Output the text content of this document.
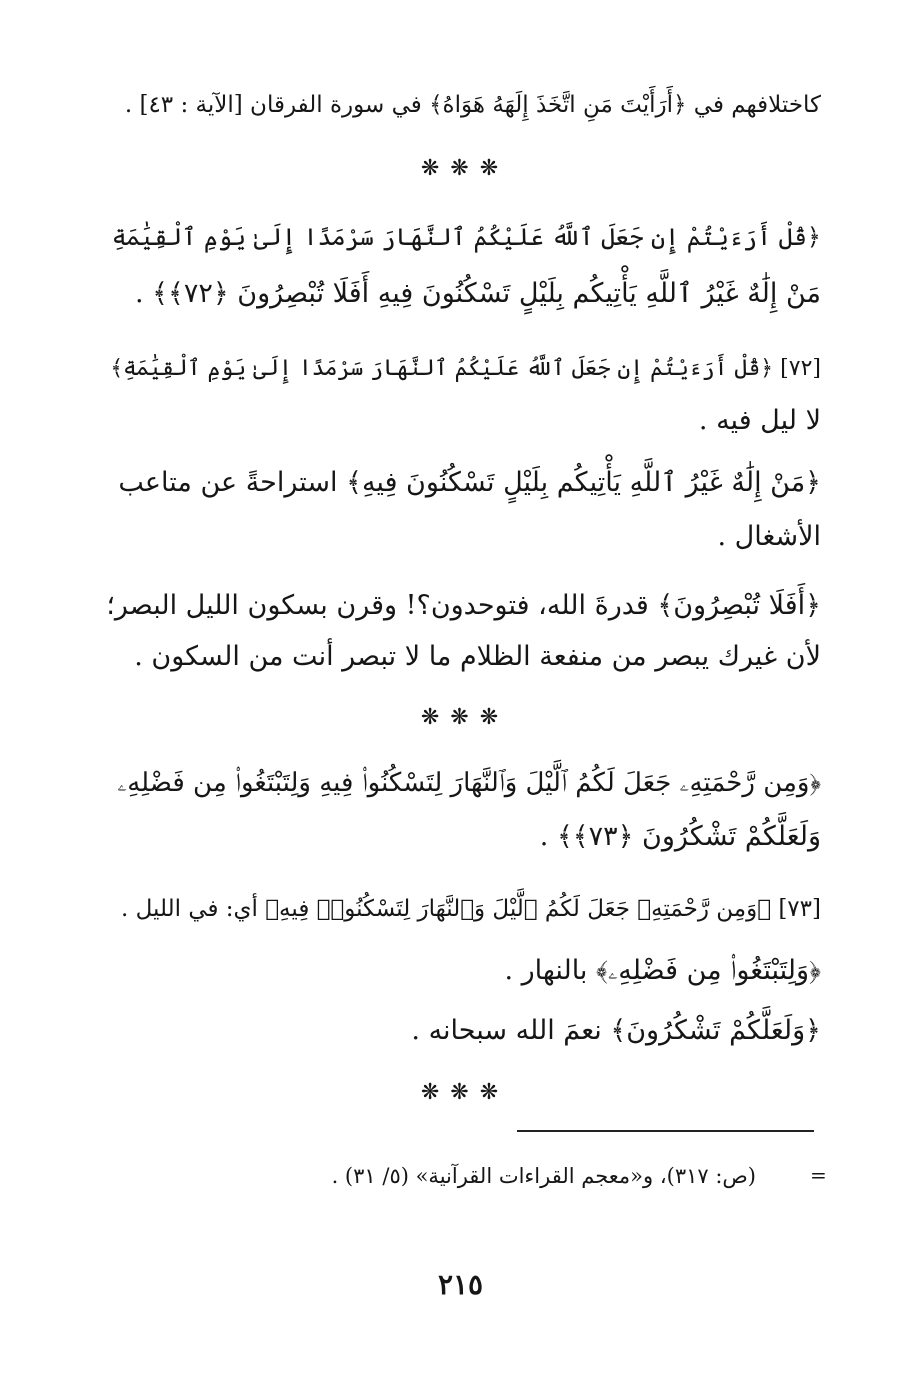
كاختلافهم في ﴿أَرَأَيْتَ مَنِ اتَّخَذَ إِلَهَهُ هَوَاهُ﴾ في سورة الفرقان [الآية : ٤٣] .
❋ ❋ ❋
﴿قُلْ أَرَءَيْتُمْ إِن جَعَلَ ٱللَّهُ عَلَيْكُمُ ٱلنَّهَارَ سَرْمَدًا إِلَىٰ يَوْمِ ٱلْقِيَٰمَةِ
مَنْ إِلَٰهٌ غَيْرُ ٱللَّهِ يَأْتِيكُم بِلَيْلٍ تَسْكُنُونَ فِيهِ أَفَلَا تُبْصِرُونَ ﴿٧٢﴾﴾ .
[٧٢] ﴿قُلْ أَرَءَيْتُمْ إِن جَعَلَ ٱللَّهُ عَلَيْكُمُ ٱلنَّهَارَ سَرْمَدًا إِلَىٰ يَوْمِ ٱلْقِيَٰمَةِ﴾
لا ليل فيه .
﴿مَنْ إِلَٰهٌ غَيْرُ ٱللَّهِ يَأْتِيكُم بِلَيْلٍ تَسْكُنُونَ فِيهِ﴾ استراحةً عن متاعب
الأشغال .
﴿أَفَلَا تُبْصِرُونَ﴾ قدرةَ الله، فتوحدون؟! وقرن بسكون الليل البصر؛
لأن غيرك يبصر من منفعة الظلام ما لا تبصر أنت من السكون .
❋ ❋ ❋
﴿وَمِن رَّحْمَتِهِۦ جَعَلَ لَكُمُ ٱلَّيْلَ وَٱلنَّهَارَ لِتَسْكُنُوا۟ فِيهِ وَلِتَبْتَغُوا۟ مِن فَضْلِهِۦ
وَلَعَلَّكُمْ تَشْكُرُونَ ﴿٧٣﴾﴾ .
[٧٣] ﴿وَمِن رَّحْمَتِهِۦ جَعَلَ لَكُمُ ٱلَّيْلَ وَٱلنَّهَارَ لِتَسْكُنُوا۟ فِيهِ﴾ أي: في الليل .
﴿وَلِتَبْتَغُوا۟ مِن فَضْلِهِۦ﴾ بالنهار .
﴿وَلَعَلَّكُمْ تَشْكُرُونَ﴾ نعمَ الله سبحانه .
❋ ❋ ❋
=
(ص: ٣١٧)، و«معجم القراءات القرآنية» (٥/ ٣١) .
٢١٥
